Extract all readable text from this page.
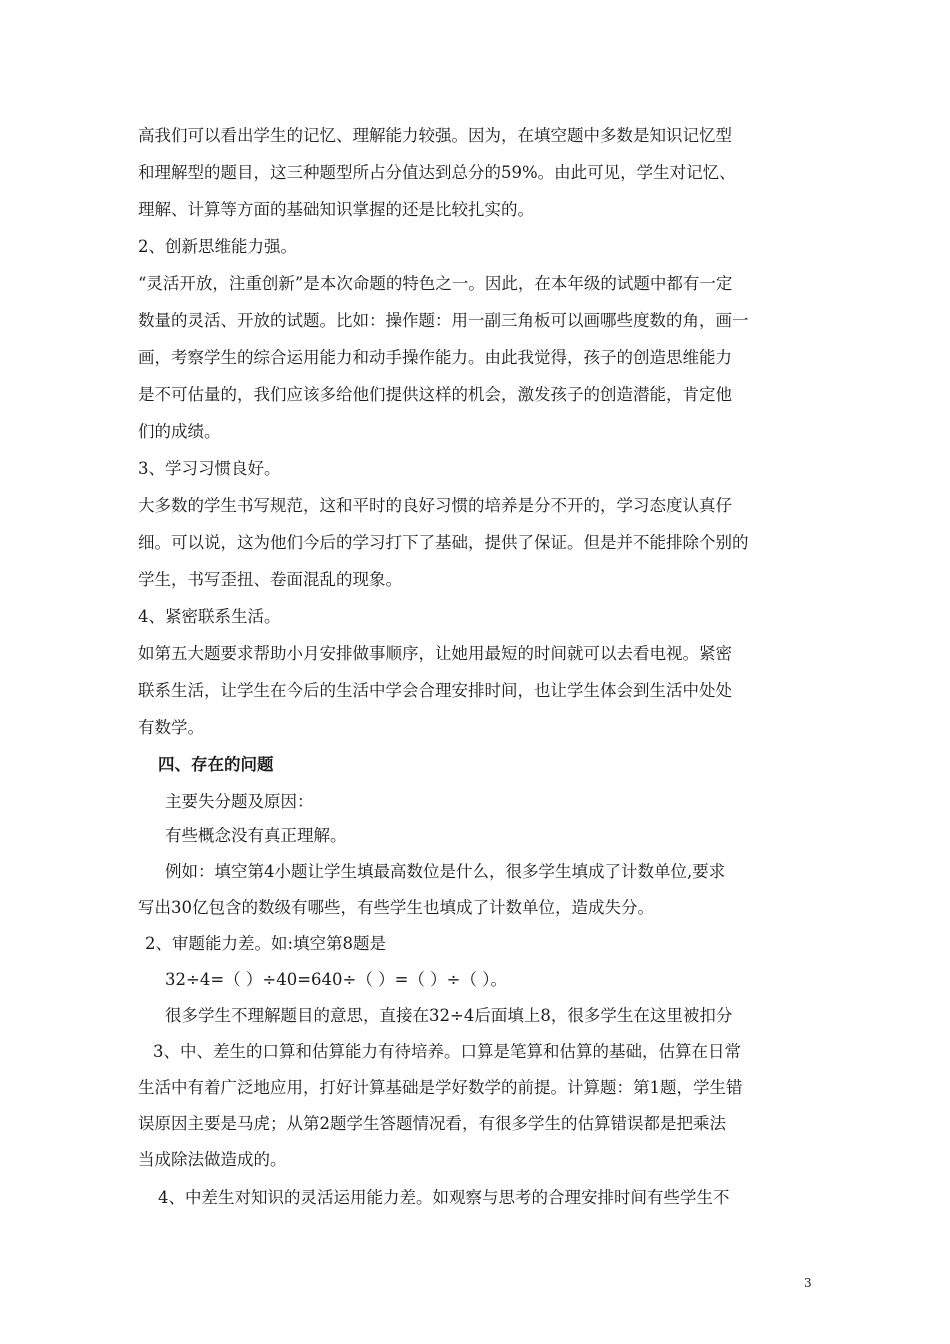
高我们可以看出学生的记忆、理解能力较强。因为，在填空题中多数是知识记忆型
和理解型的题目，这三种题型所占分值达到总分的59%。由此可见，学生对记忆、
理解、计算等方面的基础知识掌握的还是比较扎实的。
2、创新思维能力强。
“灵活开放，注重创新”是本次命题的特色之一。因此，在本年级的试题中都有一定
数量的灵活、开放的试题。比如：操作题：用一副三角板可以画哪些度数的角，画一
画，考察学生的综合运用能力和动手操作能力。由此我觉得，孩子的创造思维能力
是不可估量的，我们应该多给他们提供这样的机会，激发孩子的创造潜能，肯定他
们的成绩。
3、学习习惯良好。
大多数的学生书写规范，这和平时的良好习惯的培养是分不开的，学习态度认真仔
细。可以说，这为他们今后的学习打下了基础，提供了保证。但是并不能排除个别的
学生，书写歪扭、卷面混乱的现象。
4、紧密联系生活。
如第五大题要求帮助小月安排做事顺序，让她用最短的时间就可以去看电视。紧密
联系生活，让学生在今后的生活中学会合理安排时间，也让学生体会到生活中处处
有数学。
四、存在的问题
主要失分题及原因：
有些概念没有真正理解。
例如：填空第4小题让学生填最高数位是什么，很多学生填成了计数单位,要求
写出30亿包含的数级有哪些，有些学生也填成了计数单位，造成失分。
2、审题能力差。如:填空第8题是
32÷4=（ ）÷40=640÷（ ）=（ ）÷（ ）。
很多学生不理解题目的意思，直接在32÷4后面填上8，很多学生在这里被扣分
3、中、差生的口算和估算能力有待培养。口算是笔算和估算的基础，估算在日常
生活中有着广泛地应用，打好计算基础是学好数学的前提。计算题：第1题，学生错
误原因主要是马虎；从第2题学生答题情况看，有很多学生的估算错误都是把乘法
当成除法做造成的。
4、中差生对知识的灵活运用能力差。如观察与思考的合理安排时间有些学生不
3
